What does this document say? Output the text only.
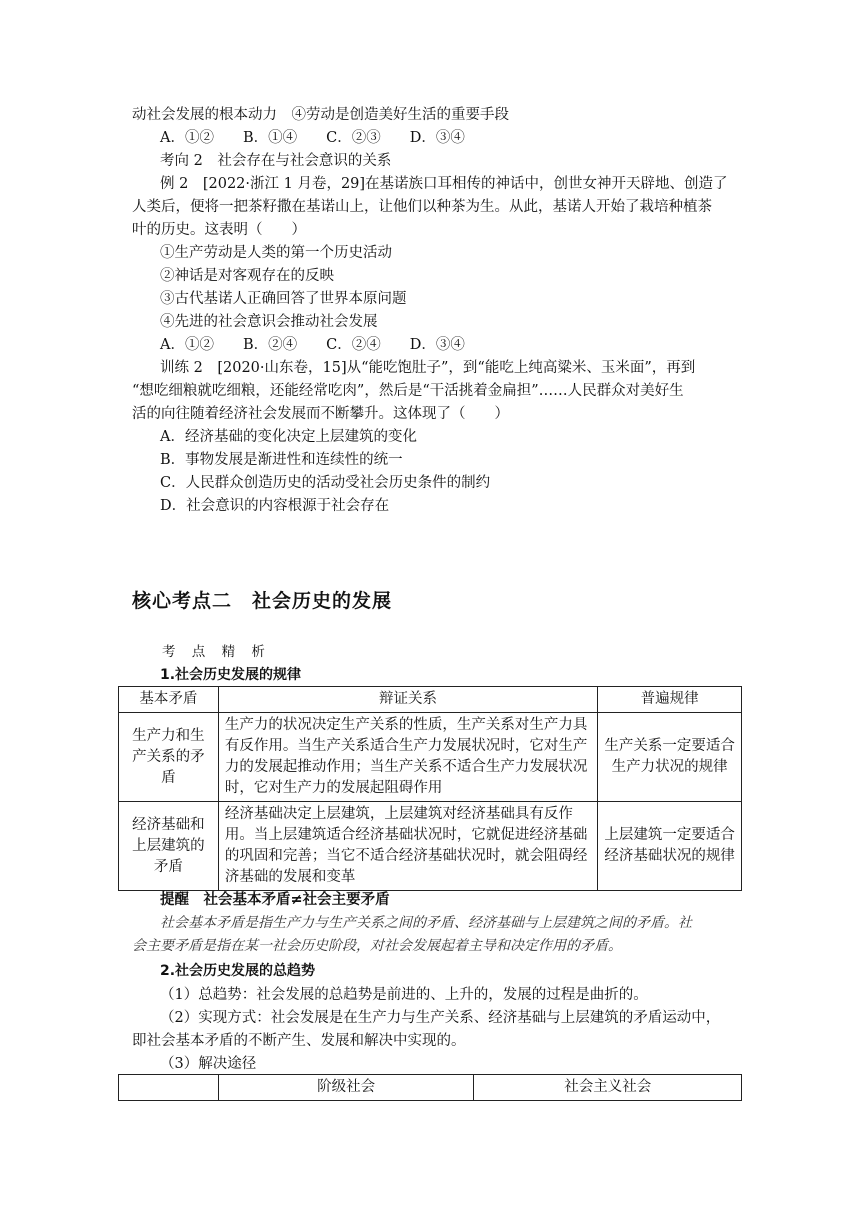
动社会发展的根本动力　④劳动是创造美好生活的重要手段
A．①②　　B．①④　　C．②③　　D．③④
考向 2　社会存在与社会意识的关系
例 2　[2022·浙江 1 月卷，29]在基诺族口耳相传的神话中，创世女神开天辟地、创造了
人类后，便将一把茶籽撒在基诺山上，让他们以种茶为生。从此，基诺人开始了栽培种植茶
叶的历史。这表明（　　）
①生产劳动是人类的第一个历史活动
②神话是对客观存在的反映
③古代基诺人正确回答了世界本原问题
④先进的社会意识会推动社会发展
A．①②　　B．②④　　C．②④　　D．③④
训练 2　[2020·山东卷，15]从“能吃饱肚子”，到“能吃上纯高粱米、玉米面”，再到
“想吃细粮就吃细粮，还能经常吃肉”，然后是“干活挑着金扁担”……人民群众对美好生
活的向往随着经济社会发展而不断攀升。这体现了（　　）
A．经济基础的变化决定上层建筑的变化
B．事物发展是渐进性和连续性的统一
C．人民群众创造历史的活动受社会历史条件的制约
D．社会意识的内容根源于社会存在
核心考点二　社会历史的发展
考 点 精 析
1.社会历史发展的规律
基本矛盾	辩证关系	普遍规律
生产力和生产关系的矛盾	生产力的状况决定生产关系的性质，生产关系对生产力具有反作用。当生产关系适合生产力发展状况时，它对生产力的发展起推动作用；当生产关系不适合生产力发展状况时，它对生产力的发展起阻碍作用	生产关系一定要适合生产力状况的规律
经济基础和上层建筑的矛盾	经济基础决定上层建筑，上层建筑对经济基础具有反作用。当上层建筑适合经济基础状况时，它就促进经济基础的巩固和完善；当它不适合经济基础状况时，就会阻碍经济基础的发展和变革	上层建筑一定要适合经济基础状况的规律
提醒　 社会基本矛盾≠社会主要矛盾
社会基本矛盾是指生产力与生产关系之间的矛盾、经济基础与上层建筑之间的矛盾。社
会主要矛盾是指在某一社会历史阶段，对社会发展起着主导和决定作用的矛盾。
2.社会历史发展的总趋势
（1）总趋势：社会发展的总趋势是前进的、上升的，发展的过程是曲折的。
（2）实现方式：社会发展是在生产力与生产关系、经济基础与上层建筑的矛盾运动中，
即社会基本矛盾的不断产生、发展和解决中实现的。
（3）解决途径
	阶级社会	社会主义社会
